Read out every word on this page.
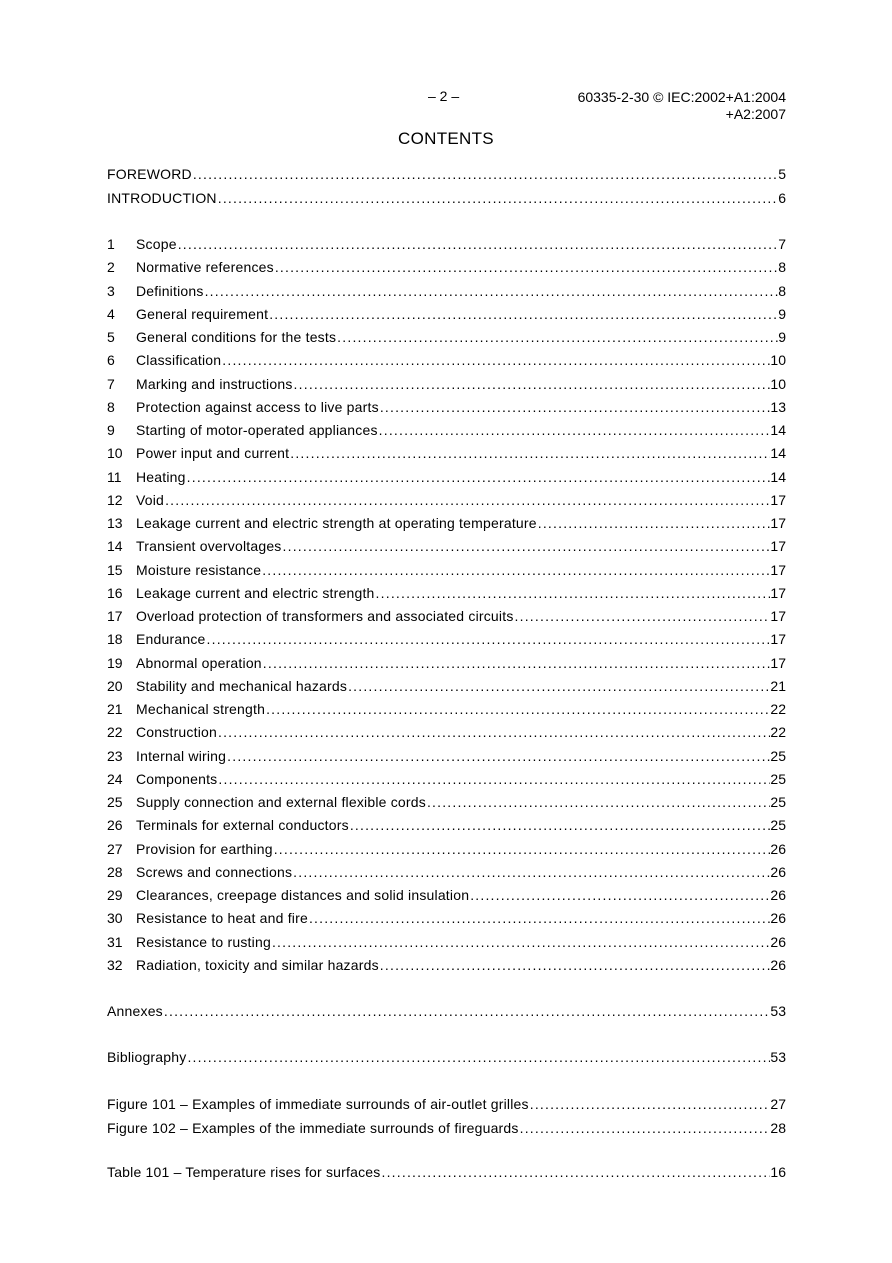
– 2 –	60335-2-30 © IEC:2002+A1:2004
+A2:2007
CONTENTS
FOREWORD .....	5
INTRODUCTION .....	6
1	Scope .....	7
2	Normative references .....	8
3	Definitions .....	8
4	General requirement .....	9
5	General conditions for the tests .....	9
6	Classification .....	10
7	Marking and instructions .....	10
8	Protection against access to live parts .....	13
9	Starting of motor-operated appliances .....	14
10 Power input and current .....	14
11	Heating .....	14
12 Void .....	17
13 Leakage current and electric strength at operating temperature .....	17
14 Transient overvoltages .....	17
15 Moisture resistance .....	17
16 Leakage current and electric strength .....	17
17 Overload protection of transformers and associated circuits .....	17
18 Endurance .....	17
19 Abnormal operation .....	17
20 Stability and mechanical hazards .....	21
21 Mechanical strength .....	22
22 Construction .....	22
23 Internal wiring .....	25
24 Components .....	25
25 Supply connection and external flexible cords .....	25
26 Terminals for external conductors .....	25
27 Provision for earthing .....	26
28 Screws and connections .....	26
29 Clearances, creepage distances and solid insulation .....	26
30 Resistance to heat and fire .....	26
31 Resistance to rusting .....	26
32 Radiation, toxicity and similar hazards .....	26
Annexes .....	53
Bibliography .....	53
Figure 101 – Examples of immediate surrounds of air-outlet grilles .....	27
Figure 102 – Examples of the immediate surrounds of fireguards .....	28
Table 101 – Temperature rises for surfaces .....	16
